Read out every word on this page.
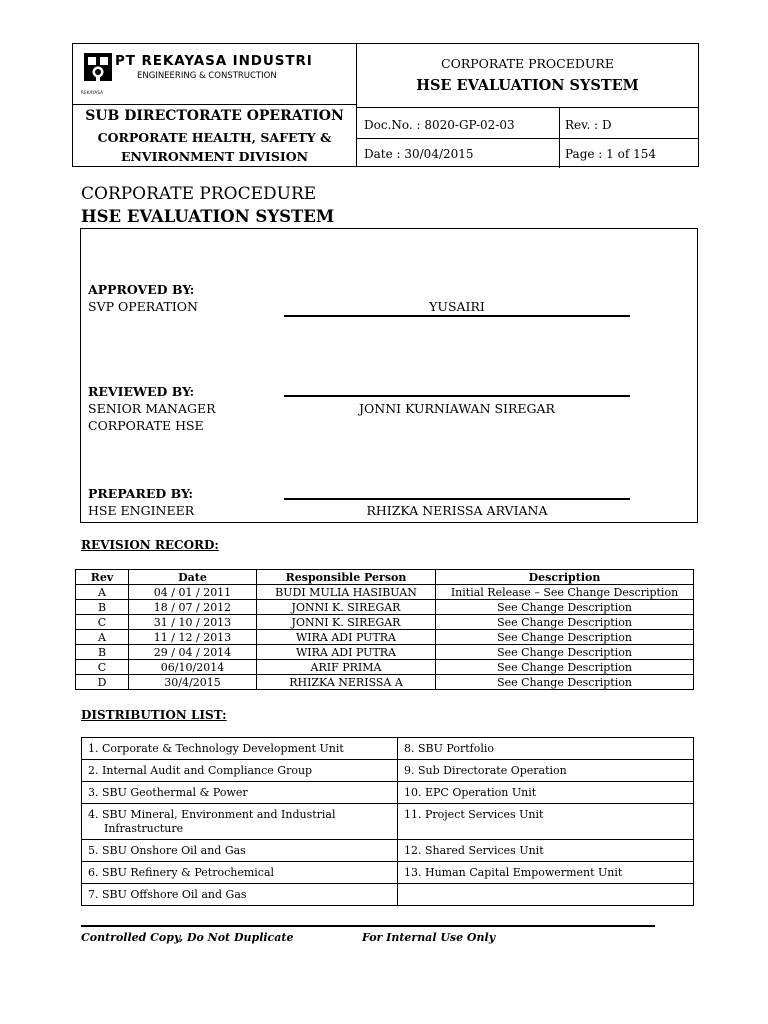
REKAYASA
PT REKAYASA INDUSTRI
ENGINEERING & CONSTRUCTION
SUB DIRECTORATE OPERATION
CORPORATE HEALTH, SAFETY & ENVIRONMENT DIVISION
CORPORATE PROCEDURE
HSE EVALUATION SYSTEM
Doc.No. : 8020-GP-02-03	Rev. : D
Date : 30/04/2015	Page : 1 of 154
CORPORATE PROCEDURE
HSE EVALUATION SYSTEM
APPROVED BY:
SVP OPERATION	YUSAIRI
REVIEWED BY:
SENIOR MANAGER	JONNI KURNIAWAN SIREGAR
CORPORATE HSE
PREPARED BY:
HSE ENGINEER	RHIZKA NERISSA ARVIANA
REVISION RECORD:
Rev	Date	Responsible Person	Description
A	04 / 01 / 2011	BUDI MULIA HASIBUAN	Initial Release – See Change Description
B	18 / 07 / 2012	JONNI K. SIREGAR	See Change Description
C	31 / 10 / 2013	JONNI K. SIREGAR	See Change Description
A	11 / 12 / 2013	WIRA ADI PUTRA	See Change Description
B	29 / 04 / 2014	WIRA ADI PUTRA	See Change Description
C	06/10/2014	ARIF PRIMA	See Change Description
D	30/4/2015	RHIZKA NERISSA A	See Change Description
DISTRIBUTION LIST:
1. Corporate & Technology Development Unit	8. SBU Portfolio
2. Internal Audit and Compliance Group	9. Sub Directorate Operation
3. SBU Geothermal & Power	10. EPC Operation Unit
4. SBU Mineral, Environment and Industrial
Infrastructure	11. Project Services Unit
5. SBU Onshore Oil and Gas	12. Shared Services Unit
6. SBU Refinery & Petrochemical	13. Human Capital Empowerment Unit
7. SBU Offshore Oil and Gas	
Controlled Copy, Do Not Duplicate	For Internal Use Only
